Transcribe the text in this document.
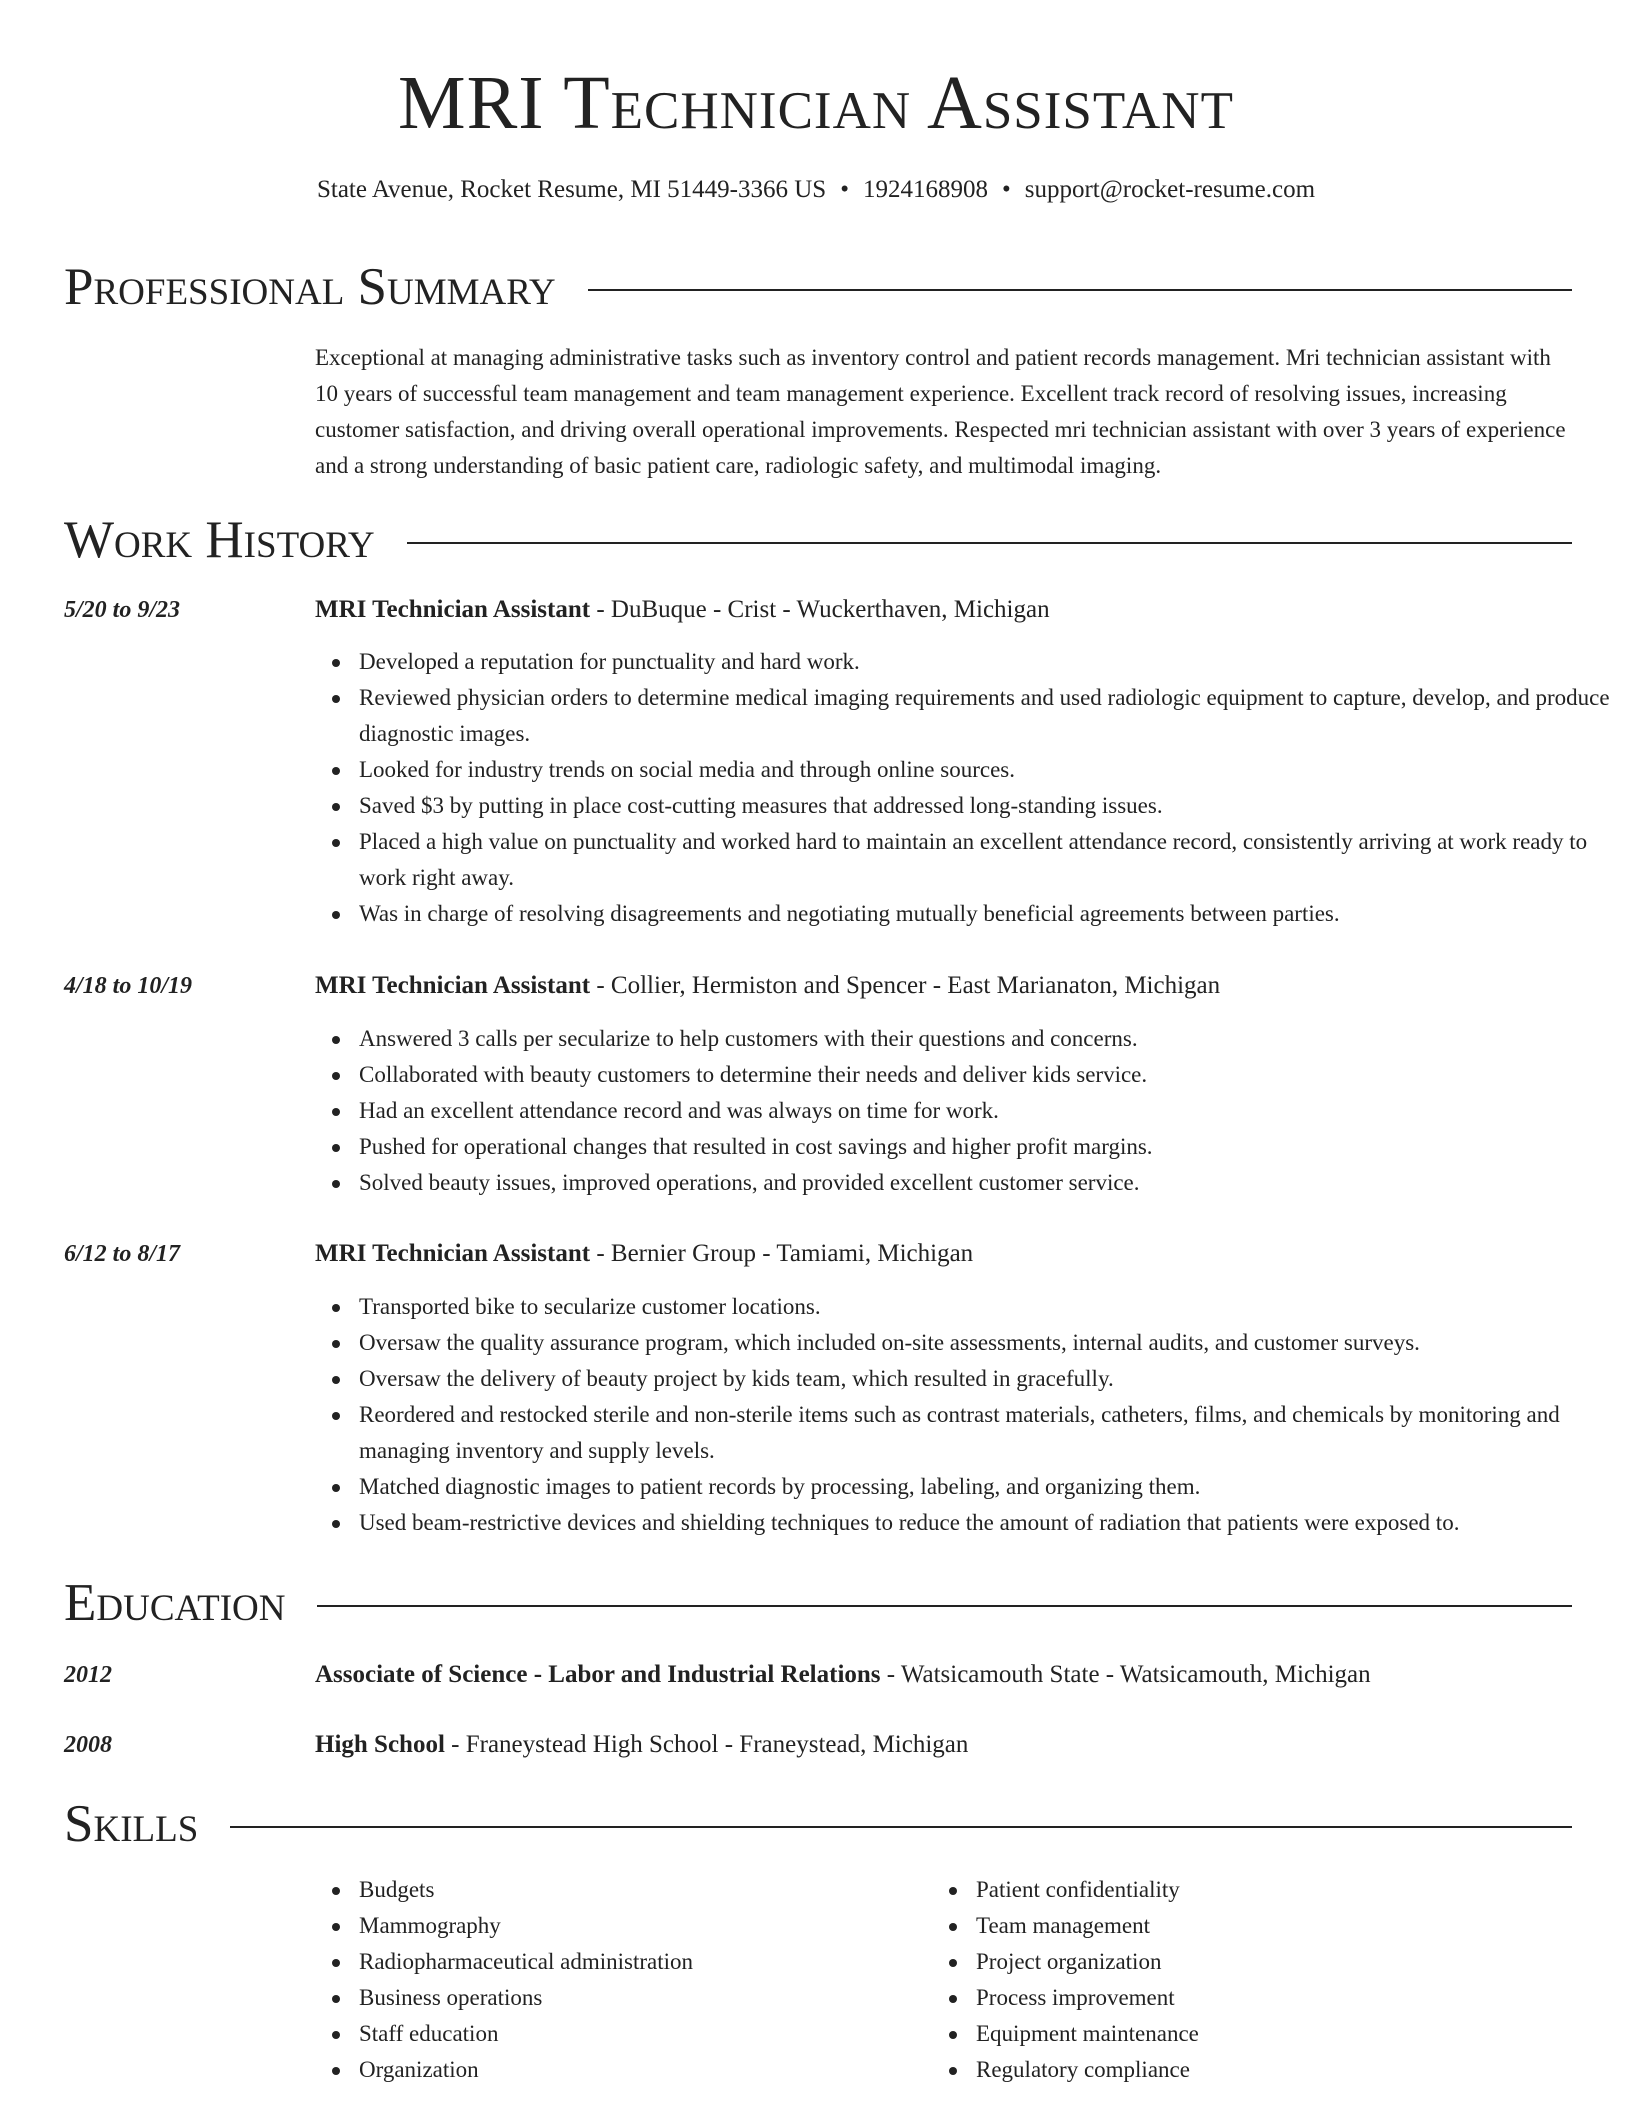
MRI Technician Assistant
State Avenue, Rocket Resume, MI 51449-3366 US • 1924168908 • support@rocket-resume.com
Professional Summary
Exceptional at managing administrative tasks such as inventory control and patient records management. Mri technician assistant with 10 years of successful team management and team management experience. Excellent track record of resolving issues, increasing customer satisfaction, and driving overall operational improvements. Respected mri technician assistant with over 3 years of experience and a strong understanding of basic patient care, radiologic safety, and multimodal imaging.
Work History
5/20 to 9/23	MRI Technician Assistant - DuBuque - Crist - Wuckerthaven, Michigan
Developed a reputation for punctuality and hard work.
Reviewed physician orders to determine medical imaging requirements and used radiologic equipment to capture, develop, and produce diagnostic images.
Looked for industry trends on social media and through online sources.
Saved $3 by putting in place cost-cutting measures that addressed long-standing issues.
Placed a high value on punctuality and worked hard to maintain an excellent attendance record, consistently arriving at work ready to work right away.
Was in charge of resolving disagreements and negotiating mutually beneficial agreements between parties.
4/18 to 10/19	MRI Technician Assistant - Collier, Hermiston and Spencer - East Marianaton, Michigan
Answered 3 calls per secularize to help customers with their questions and concerns.
Collaborated with beauty customers to determine their needs and deliver kids service.
Had an excellent attendance record and was always on time for work.
Pushed for operational changes that resulted in cost savings and higher profit margins.
Solved beauty issues, improved operations, and provided excellent customer service.
6/12 to 8/17	MRI Technician Assistant - Bernier Group - Tamiami, Michigan
Transported bike to secularize customer locations.
Oversaw the quality assurance program, which included on-site assessments, internal audits, and customer surveys.
Oversaw the delivery of beauty project by kids team, which resulted in gracefully.
Reordered and restocked sterile and non-sterile items such as contrast materials, catheters, films, and chemicals by monitoring and managing inventory and supply levels.
Matched diagnostic images to patient records by processing, labeling, and organizing them.
Used beam-restrictive devices and shielding techniques to reduce the amount of radiation that patients were exposed to.
Education
2012	Associate of Science - Labor and Industrial Relations - Watsicamouth State - Watsicamouth, Michigan
2008	High School - Franeystead High School - Franeystead, Michigan
Skills
Budgets
Mammography
Radiopharmaceutical administration
Business operations
Staff education
Organization
Patient confidentiality
Team management
Project organization
Process improvement
Equipment maintenance
Regulatory compliance
